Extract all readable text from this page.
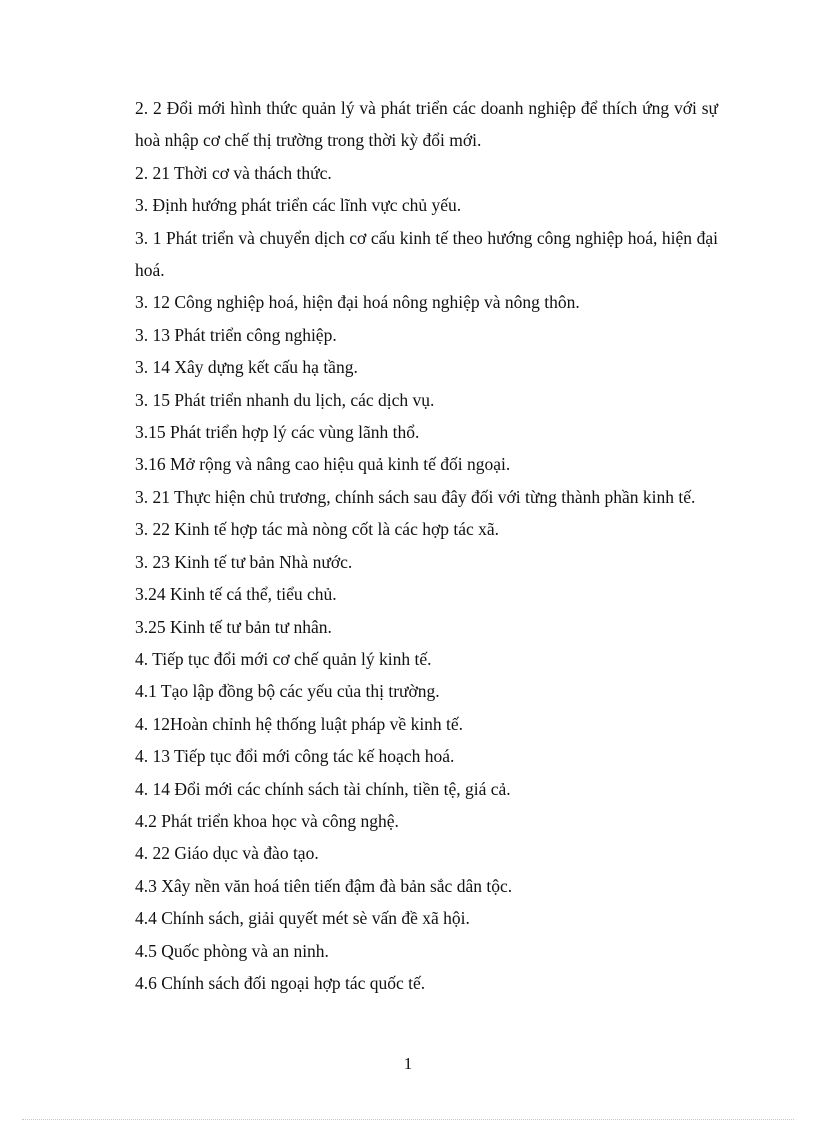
2. 2 Đổi mới hình thức quản lý và phát triển các doanh nghiệp để thích ứng với sự hoà nhập cơ chế thị trường trong thời kỳ đổi mới.

2. 21 Thời cơ và thách thức.

3. Định hướng phát triển các lĩnh vực chủ yếu.

3. 1 Phát triển và chuyển dịch cơ cấu kinh tế theo hướng công nghiệp hoá, hiện đại hoá.

3. 12 Công nghiệp hoá, hiện đại hoá nông nghiệp và nông thôn.

3. 13 Phát triển công nghiệp.

3. 14 Xây dựng kết cấu hạ tầng.

3. 15 Phát triển nhanh du lịch, các dịch vụ.

3.15 Phát triển hợp lý các vùng lãnh thổ.

3.16 Mở rộng và nâng cao hiệu quả kinh tế đối ngoại.

3. 21 Thực hiện chủ trương, chính sách sau đây đối với từng thành phần kinh tế.

3. 22 Kinh tế hợp tác mà nòng cốt là các hợp tác xã.

3. 23 Kinh tế tư bản Nhà nước.

3.24 Kinh tế cá thể, tiểu chủ.

3.25 Kinh tế tư bản tư nhân.

4. Tiếp tục đổi mới cơ chế quản lý kinh tế.

4.1 Tạo lập đồng bộ các yếu của thị trường.

4. 12Hoàn chỉnh hệ thống luật pháp về kinh tế.

4. 13 Tiếp tục đổi mới công tác kế hoạch hoá.

4. 14 Đổi mới các chính sách tài chính, tiền tệ, giá cả.

4.2 Phát triển khoa học và công nghệ.

4. 22 Giáo dục và đào tạo.

4.3 Xây nền văn hoá tiên tiến đậm đà bản sắc dân tộc.

4.4 Chính sách, giải quyết mét sè vấn đề xã hội.

4.5 Quốc phòng và an ninh.

4.6 Chính sách đối ngoại hợp tác quốc tế.

1
